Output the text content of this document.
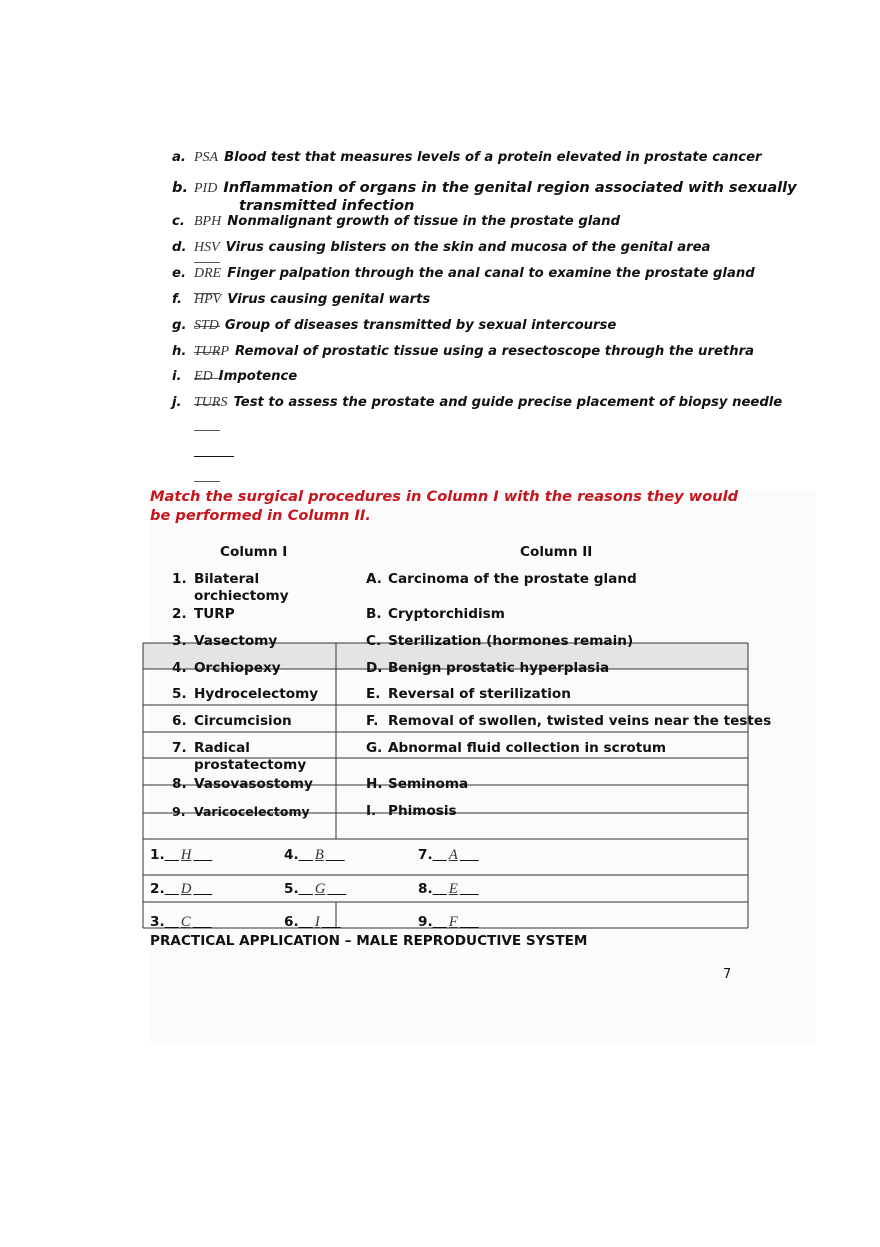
a. PSA Blood test that measures levels of a protein elevated in prostate cancer
b. PID Inflammation of organs in the genital region associated with sexually
transmitted infection
c. BPH Nonmalignant growth of tissue in the prostate gland
d. HSV Virus causing blisters on the skin and mucosa of the genital area
e. DRE Finger palpation through the anal canal to examine the prostate gland
f. HPV Virus causing genital warts
g. STD Group of diseases transmitted by sexual intercourse
h. TURP Removal of prostatic tissue using a resectoscope through the urethra
i. ED Impotence
j. TURS Test to assess the prostate and guide precise placement of biopsy needle
Match the surgical procedures in Column I with the reasons they would be performed in Column II.
Column I	Column II
1. Bilateral
orchiectomy
2. TURP
3. Vasectomy
4. Orchiopexy
5. Hydrocelectomy
6. Circumcision
7. Radical
prostatectomy
8. Vasovasostomy
9. Varicocelectomy
A. Carcinoma of the prostate gland
B. Cryptorchidism
C. Sterilization (hormones remain)
D. Benign prostatic hyperplasia
E. Reversal of sterilization
F. Removal of swollen, twisted veins near the testes
G. Abnormal fluid collection in scrotum
H. Seminoma
I. Phimosis
1. H
2. D
3. C
4. B
5. G
6. I
7. A
8. E
9. F
PRACTICAL APPLICATION – MALE REPRODUCTIVE SYSTEM
7
